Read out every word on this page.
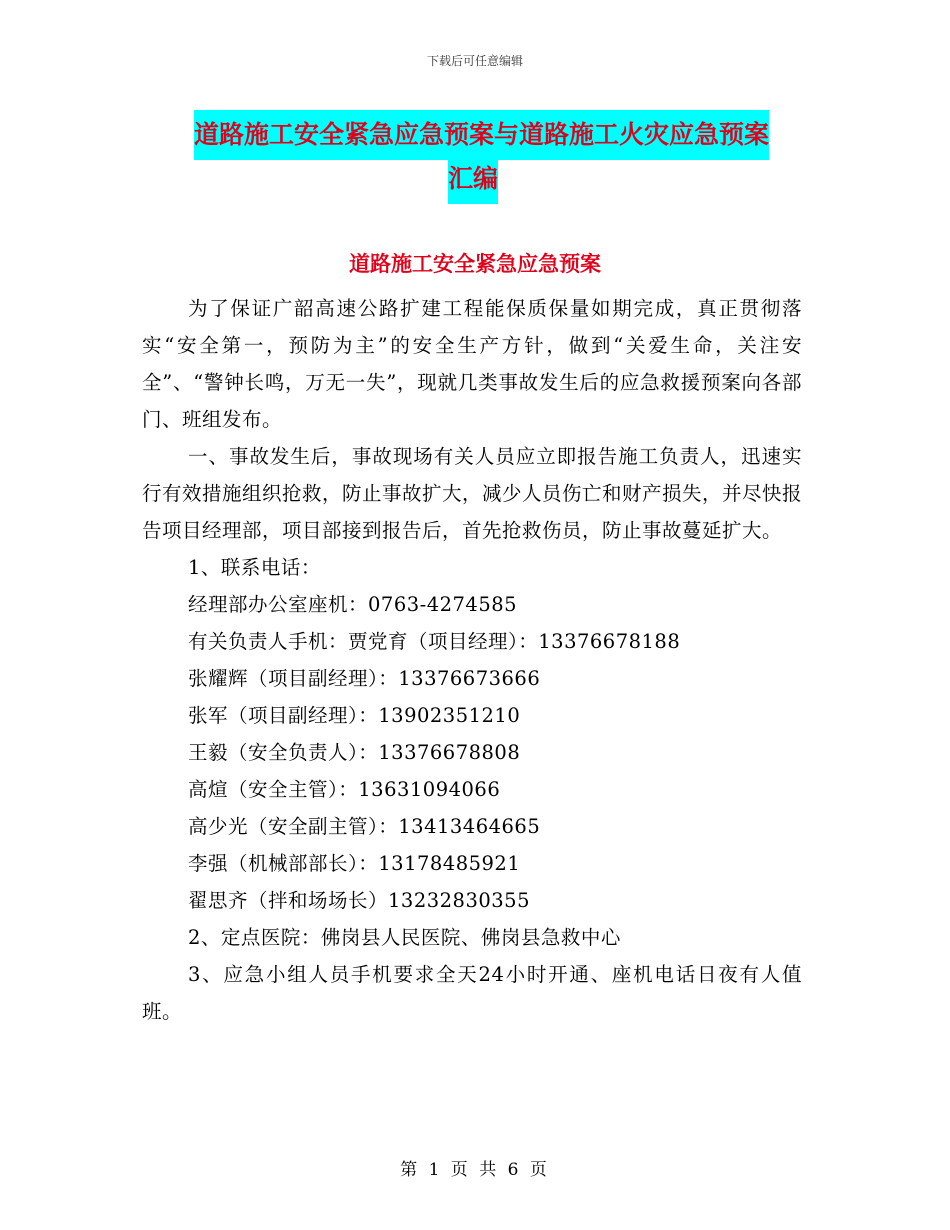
下载后可任意编辑
道路施工安全紧急应急预案与道路施工火灾应急预案
汇编
道路施工安全紧急应急预案

为了保证广韶高速公路扩建工程能保质保量如期完成，真正贯彻落实“安全第一，预防为主”的安全生产方针，做到“关爱生命，关注安全”、“警钟长鸣，万无一失”，现就几类事故发生后的应急救援预案向各部门、班组发布。

一、事故发生后，事故现场有关人员应立即报告施工负责人，迅速实行有效措施组织抢救，防止事故扩大，减少人员伤亡和财产损失，并尽快报告项目经理部，项目部接到报告后，首先抢救伤员，防止事故蔓延扩大。

1、联系电话：
经理部办公室座机：0763-4274585
有关负责人手机：贾党育（项目经理）：13376678188
张耀辉（项目副经理）：13376673666
张军（项目副经理）：13902351210
王毅（安全负责人）：13376678808
高煊（安全主管）：13631094066
高少光（安全副主管）：13413464665
李强（机械部部长）：13178485921
翟思齐（拌和场场长）13232830355
2、定点医院：佛岗县人民医院、佛岗县急救中心

3、应急小组人员手机要求全天24小时开通、座机电话日夜有人值班。

第 1 页 共 6 页
